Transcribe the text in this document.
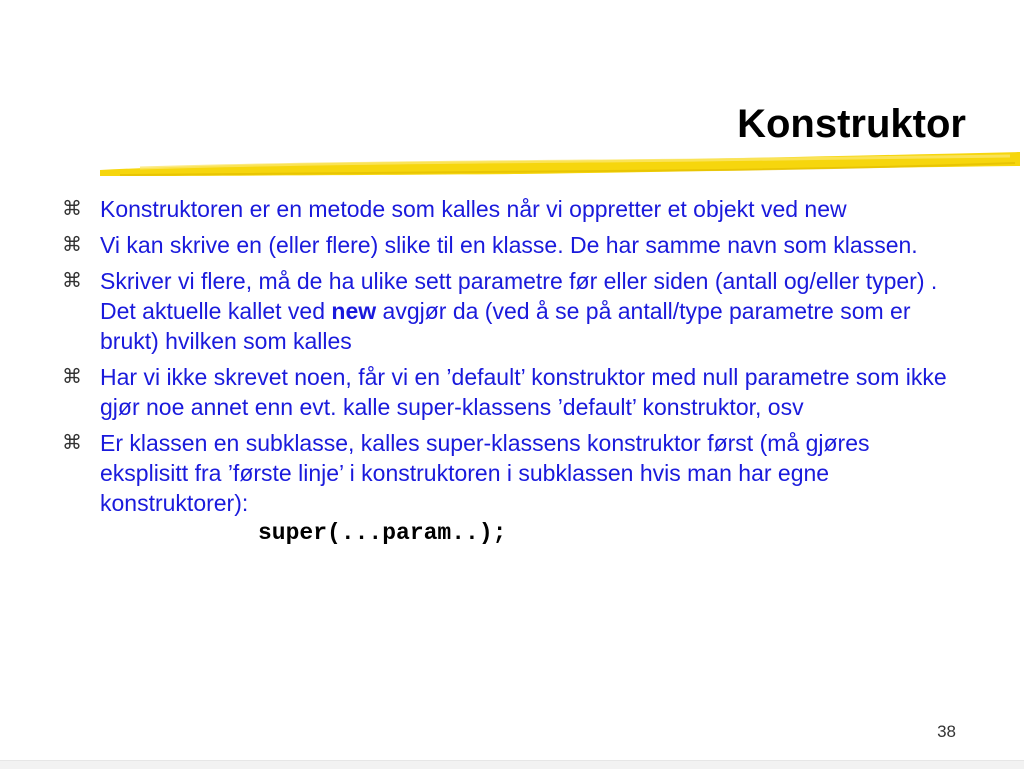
Konstruktor
⌘ Konstruktoren er en metode som kalles når vi oppretter et objekt ved new
⌘ Vi kan skrive en (eller flere) slike til en klasse. De har samme navn som klassen.
⌘ Skriver vi flere, må de ha ulike sett parametre før eller siden (antall og/eller typer) . Det aktuelle kallet ved new avgjør da (ved å se på antall/type parametre som er brukt) hvilken som kalles
⌘ Har vi ikke skrevet noen, får vi en ’default’ konstruktor med null parametre som ikke gjør noe annet enn evt. kalle super-klassens ’default’ konstruktor, osv
⌘ Er klassen en subklasse, kalles super-klassens konstruktor først (må gjøres eksplisitt fra ’første linje’ i konstruktoren i subklassen hvis man har egne konstruktorer):
super(...param..);
38
